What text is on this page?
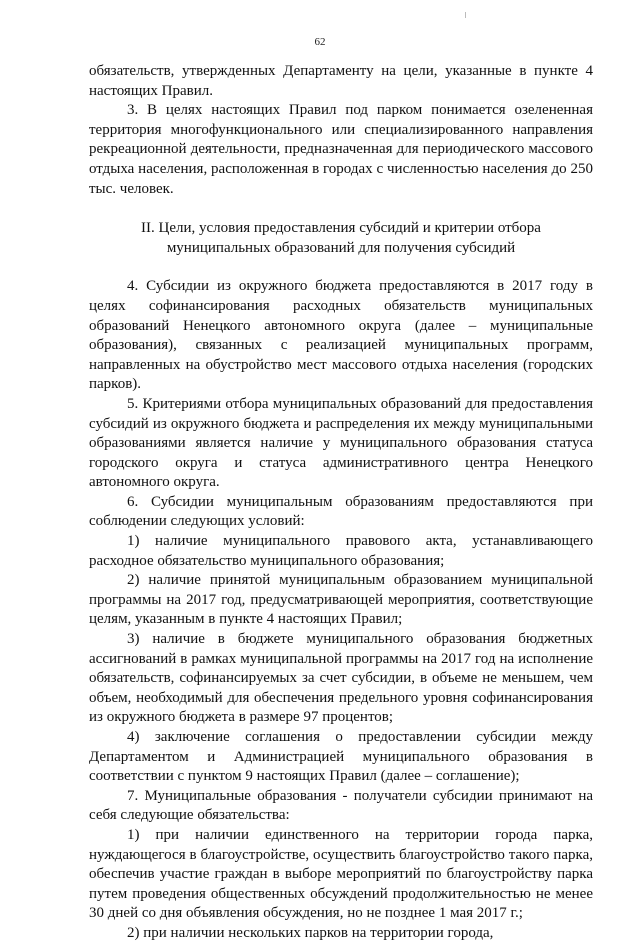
62

обязательств, утвержденных Департаменту на цели, указанные в пункте 4 настоящих Правил.

3. В целях настоящих Правил под парком понимается озелененная территория многофункционального или специализированного направления рекреационной деятельности, предназначенная для периодического массового отдыха населения, расположенная в городах с численностью населения до 250 тыс. человек.

II. Цели, условия предоставления субсидий и критерии отбора муниципальных образований для получения субсидий

4. Субсидии из окружного бюджета предоставляются в 2017 году в целях софинансирования расходных обязательств муниципальных образований Ненецкого автономного округа (далее – муниципальные образования), связанных с реализацией муниципальных программ, направленных на обустройство мест массового отдыха населения (городских парков).

5. Критериями отбора муниципальных образований для предоставления субсидий из окружного бюджета и распределения их между муниципальными образованиями является наличие у муниципального образования статуса городского округа и статуса административного центра Ненецкого автономного округа.

6. Субсидии муниципальным образованиям предоставляются при соблюдении следующих условий:

1) наличие муниципального правового акта, устанавливающего расходное обязательство муниципального образования;

2) наличие принятой муниципальным образованием муниципальной программы на 2017 год, предусматривающей мероприятия, соответствующие целям, указанным в пункте 4 настоящих Правил;

3) наличие в бюджете муниципального образования бюджетных ассигнований в рамках муниципальной программы на 2017 год на исполнение обязательств, софинансируемых за счет субсидии, в объеме не меньшем, чем объем, необходимый для обеспечения предельного уровня софинансирования из окружного бюджета в размере 97 процентов;

4) заключение соглашения о предоставлении субсидии между Департаментом и Администрацией муниципального образования в соответствии с пунктом 9 настоящих Правил (далее – соглашение);

7. Муниципальные образования - получатели субсидии принимают на себя следующие обязательства:

1) при наличии единственного на территории города парка, нуждающегося в благоустройстве, осуществить благоустройство такого парка, обеспечив участие граждан в выборе мероприятий по благоустройству парка путем проведения общественных обсуждений продолжительностью не менее 30 дней со дня объявления обсуждения, но не позднее 1 мая 2017 г.;

2) при наличии нескольких парков на территории города,
